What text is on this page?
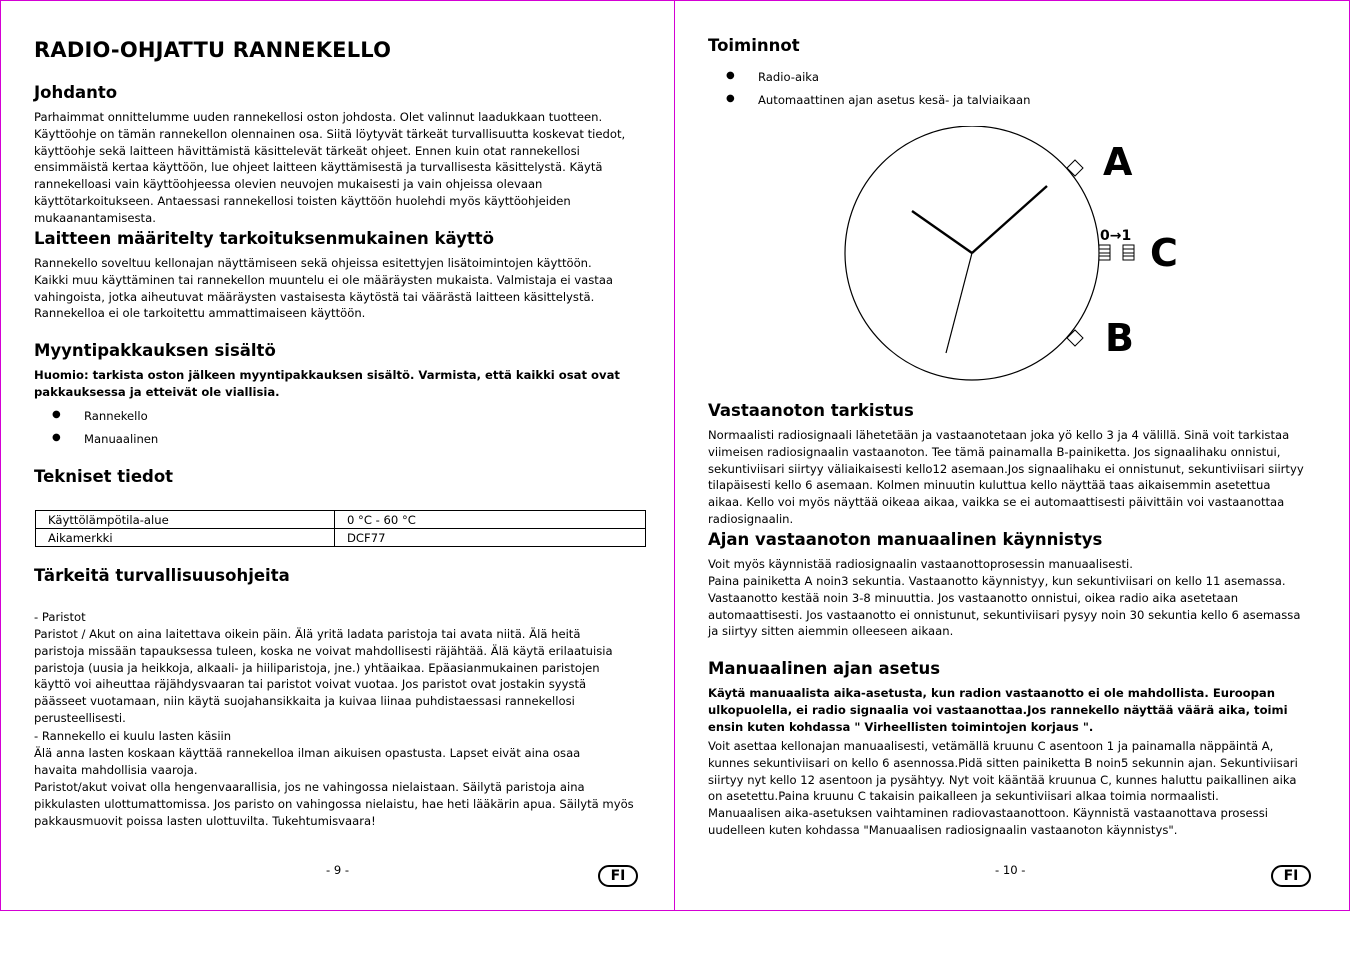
RADIO-OHJATTU RANNEKELLO
Johdanto

Parhaimmat onnittelumme uuden rannekellosi oston johdosta. Olet valinnut laadukkaan tuotteen. Käyttöohje on tämän rannekellon olennainen osa. Siitä löytyvät tärkeät turvallisuutta koskevat tiedot, käyttöohje sekä laitteen hävittämistä käsittelevät tärkeät ohjeet. Ennen kuin otat rannekellosi ensimmäistä kertaa käyttöön, lue ohjeet laitteen käyttämisestä ja turvallisesta käsittelystä. Käytä rannekelloasi vain käyttöohjeessa olevien neuvojen mukaisesti ja vain ohjeissa olevaan käyttötarkoitukseen. Antaessasi rannekellosi toisten käyttöön huolehdi myös käyttöohjeiden mukaanantamisesta.

Laitteen määritelty tarkoituksenmukainen käyttö

Rannekello soveltuu kellonajan näyttämiseen sekä ohjeissa esitettyjen lisätoimintojen käyttöön. Kaikki muu käyttäminen tai rannekellon muuntelu ei ole määräysten mukaista. Valmistaja ei vastaa vahingoista, jotka aiheutuvat määräysten vastaisesta käytöstä tai väärästä laitteen käsittelystä. Rannekelloa ei ole tarkoitettu ammattimaiseen käyttöön.

Myyntipakkauksen sisältö

Huomio: tarkista oston jälkeen myyntipakkauksen sisältö. Varmista, että kaikki osat ovat pakkauksessa ja etteivät ole viallisia.

● Rannekello
● Manuaalinen
Tekniset tiedot
Käyttölämpötila-alue	0 °C - 60 °C
Aikamerkki	DCF77
Tärkeitä turvallisuusohjeita

- Paristot

Paristot / Akut on aina laitettava oikein päin. Älä yritä ladata paristoja tai avata niitä. Älä heitä paristoja missään tapauksessa tuleen, koska ne voivat mahdollisesti räjähtää. Älä käytä erilaatuisia paristoja (uusia ja heikkoja, alkaali- ja hiiliparistoja, jne.) yhtäaikaa. Epäasianmukainen paristojen käyttö voi aiheuttaa räjähdysvaaran tai paristot voivat vuotaa. Jos paristot ovat jostakin syystä päässeet vuotamaan, niin käytä suojahansikkaita ja kuivaa liinaa puhdistaessasi rannekellosi perusteellisesti.

- Rannekello ei kuulu lasten käsiin

Älä anna lasten koskaan käyttää rannekelloa ilman aikuisen opastusta. Lapset eivät aina osaa havaita mahdollisia vaaroja.

Paristot/akut voivat olla hengenvaarallisia, jos ne vahingossa nielaistaan. Säilytä paristoja aina pikkulasten ulottumattomissa. Jos paristo on vahingossa nielaistu, hae heti lääkärin apua. Säilytä myös pakkausmuovit poissa lasten ulottuvilta. Tukehtumisvaara!

- 9 -	FI
Toiminnot
● Radio-aika
● Automaattinen ajan asetus kesä- ja talviaikaan
0→1
A
C
B
Vastaanoton tarkistus

Normaalisti radiosignaali lähetetään ja vastaanotetaan joka yö kello 3 ja 4 välillä. Sinä voit tarkistaa viimeisen radiosignaalin vastaanoton. Tee tämä painamalla B-painiketta. Jos signaalihaku onnistui, sekuntiviisari siirtyy väliaikaisesti kello12 asemaan.Jos signaalihaku ei onnistunut, sekuntiviisari siirtyy tilapäisesti kello 6 asemaan. Kolmen minuutin kuluttua kello näyttää taas aikaisemmin asetettua aikaa. Kello voi myös näyttää oikeaa aikaa, vaikka se ei automaattisesti päivittäin voi vastaanottaa radiosignaalin.

Ajan vastaanoton manuaalinen käynnistys

Voit myös käynnistää radiosignaalin vastaanottoprosessin manuaalisesti.

Paina painiketta A noin3 sekuntia. Vastaanotto käynnistyy, kun sekuntiviisari on kello 11 asemassa. Vastaanotto kestää noin 3-8 minuuttia. Jos vastaanotto onnistui, oikea radio aika asetetaan automaattisesti. Jos vastaanotto ei onnistunut, sekuntiviisari pysyy noin 30 sekuntia kello 6 asemassa ja siirtyy sitten aiemmin olleeseen aikaan.

Manuaalinen ajan asetus

Käytä manuaalista aika-asetusta, kun radion vastaanotto ei ole mahdollista. Euroopan ulkopuolella, ei radio signaalia voi vastaanottaa.Jos rannekello näyttää väärä aika, toimi ensin kuten kohdassa " Virheellisten toimintojen korjaus ".

Voit asettaa kellonajan manuaalisesti, vetämällä kruunu C asentoon 1 ja painamalla näppäintä A, kunnes sekuntiviisari on kello 6 asennossa.Pidä sitten painiketta B noin5 sekunnin ajan. Sekuntiviisari siirtyy nyt kello 12 asentoon ja pysähtyy. Nyt voit kääntää kruunua C, kunnes haluttu paikallinen aika on asetettu.Paina kruunu C takaisin paikalleen ja sekuntiviisari alkaa toimia normaalisti.

Manuaalisen aika-asetuksen vaihtaminen radiovastaanottoon. Käynnistä vastaanottava prosessi uudelleen kuten kohdassa "Manuaalisen radiosignaalin vastaanoton käynnistys".

- 10 -	FI
